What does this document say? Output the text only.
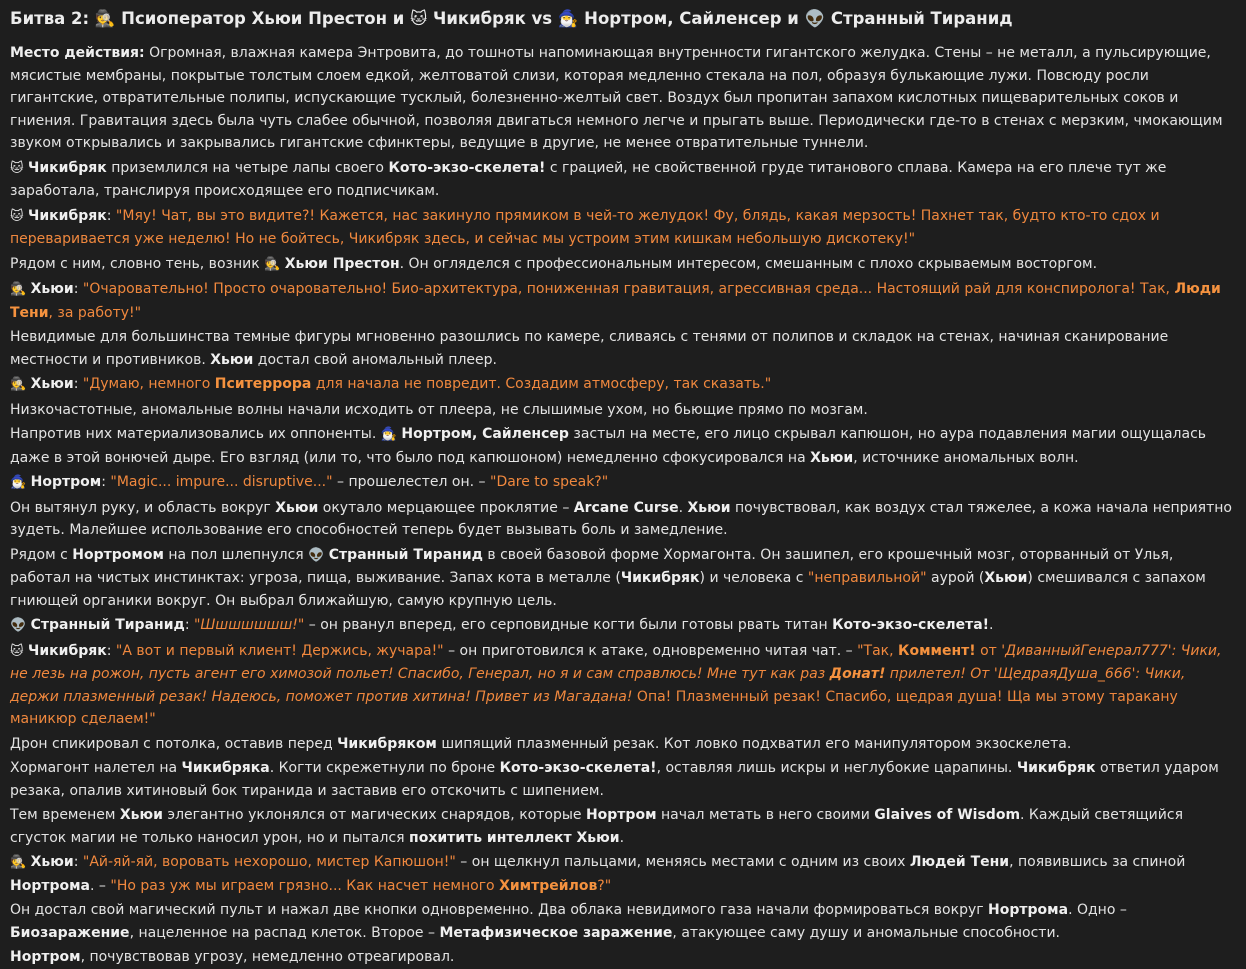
Битва 2: 🕵️ Псиоператор Хьюи Престон и 🐱 Чикибряк vs 🧙‍♂️ Нортром, Сайленсер и 👽 Странный Тиранид

Место действия: Огромная, влажная камера Энтровита, до тошноты напоминающая внутренности гигантского желудка. Стены – не металл, а пульсирующие, мясистые мембраны, покрытые толстым слоем едкой, желтоватой слизи, которая медленно стекала на пол, образуя булькающие лужи. Повсюду росли гигантские, отвратительные полипы, испускающие тусклый, болезненно-желтый свет. Воздух был пропитан запахом кислотных пищеварительных соков и гниения. Гравитация здесь была чуть слабее обычной, позволяя двигаться немного легче и прыгать выше. Периодически где-то в стенах с мерзким, чмокающим звуком открывались и закрывались гигантские сфинктеры, ведущие в другие, не менее отвратительные туннели.

🐱 Чикибряк приземлился на четыре лапы своего Кото-экзо-скелета! с грацией, не свойственной груде титанового сплава. Камера на его плече тут же заработала, транслируя происходящее его подписчикам.

🐱 Чикибряк: "Мяу! Чат, вы это видите?! Кажется, нас закинуло прямиком в чей-то желудок! Фу, блядь, какая мерзость! Пахнет так, будто кто-то сдох и переваривается уже неделю! Но не бойтесь, Чикибряк здесь, и сейчас мы устроим этим кишкам небольшую дискотеку!"

Рядом с ним, словно тень, возник 🕵️ Хьюи Престон. Он огляделся с профессиональным интересом, смешанным с плохо скрываемым восторгом.

🕵️ Хьюи: "Очаровательно! Просто очаровательно! Био-архитектура, пониженная гравитация, агрессивная среда... Настоящий рай для конспиролога! Так, Люди Тени, за работу!"

Невидимые для большинства темные фигуры мгновенно разошлись по камере, сливаясь с тенями от полипов и складок на стенах, начиная сканирование местности и противников. Хьюи достал свой аномальный плеер.

🕵️ Хьюи: "Думаю, немного Пситеррора для начала не повредит. Создадим атмосферу, так сказать."

Низкочастотные, аномальные волны начали исходить от плеера, не слышимые ухом, но бьющие прямо по мозгам.

Напротив них материализовались их оппоненты. 🧙‍♂️ Нортром, Сайленсер застыл на месте, его лицо скрывал капюшон, но аура подавления магии ощущалась даже в этой вонючей дыре. Его взгляд (или то, что было под капюшоном) немедленно сфокусировался на Хьюи, источнике аномальных волн.

🧙‍♂️ Нортром: "Magic... impure... disruptive..." – прошелестел он. – "Dare to speak?"

Он вытянул руку, и область вокруг Хьюи окутало мерцающее проклятие – Arcane Curse. Хьюи почувствовал, как воздух стал тяжелее, а кожа начала неприятно зудеть. Малейшее использование его способностей теперь будет вызывать боль и замедление.

Рядом с Нортромом на пол шлепнулся 👽 Странный Тиранид в своей базовой форме Хормагонта. Он зашипел, его крошечный мозг, оторванный от Улья, работал на чистых инстинктах: угроза, пища, выживание. Запах кота в металле (Чикибряк) и человека с "неправильной" аурой (Хьюи) смешивался с запахом гниющей органики вокруг. Он выбрал ближайшую, самую крупную цель.

👽 Странный Тиранид: "Шшшшшшш!" – он рванул вперед, его серповидные когти были готовы рвать титан Кото-экзо-скелета!.

🐱 Чикибряк: "А вот и первый клиент! Держись, жучара!" – он приготовился к атаке, одновременно читая чат. – "Так, Коммент! от 'ДиванныйГенерал777': Чики, не лезь на рожон, пусть агент его химозой польет! Спасибо, Генерал, но я и сам справлюсь! Мне тут как раз Донат! прилетел! От 'ЩедраяДуша_666': Чики, держи плазменный резак! Надеюсь, поможет против хитина! Привет из Магадана! Опа! Плазменный резак! Спасибо, щедрая душа! Ща мы этому таракану маникюр сделаем!"

Дрон спикировал с потолка, оставив перед Чикибряком шипящий плазменный резак. Кот ловко подхватил его манипулятором экзоскелета.

Хормагонт налетел на Чикибряка. Когти скрежетнули по броне Кото-экзо-скелета!, оставляя лишь искры и неглубокие царапины. Чикибряк ответил ударом резака, опалив хитиновый бок тиранида и заставив его отскочить с шипением.

Тем временем Хьюи элегантно уклонялся от магических снарядов, которые Нортром начал метать в него своими Glaives of Wisdom. Каждый светящийся сгусток магии не только наносил урон, но и пытался похитить интеллект Хьюи.

🕵️ Хьюи: "Ай-яй-яй, воровать нехорошо, мистер Капюшон!" – он щелкнул пальцами, меняясь местами с одним из своих Людей Тени, появившись за спиной Нортрома. – "Но раз уж мы играем грязно... Как насчет немного Химтрейлов?"

Он достал свой магический пульт и нажал две кнопки одновременно. Два облака невидимого газа начали формироваться вокруг Нортрома. Одно – Биозаражение, нацеленное на распад клеток. Второе – Метафизическое заражение, атакующее саму душу и аномальные способности.

Нортром, почувствовав угрозу, немедленно отреагировал.
